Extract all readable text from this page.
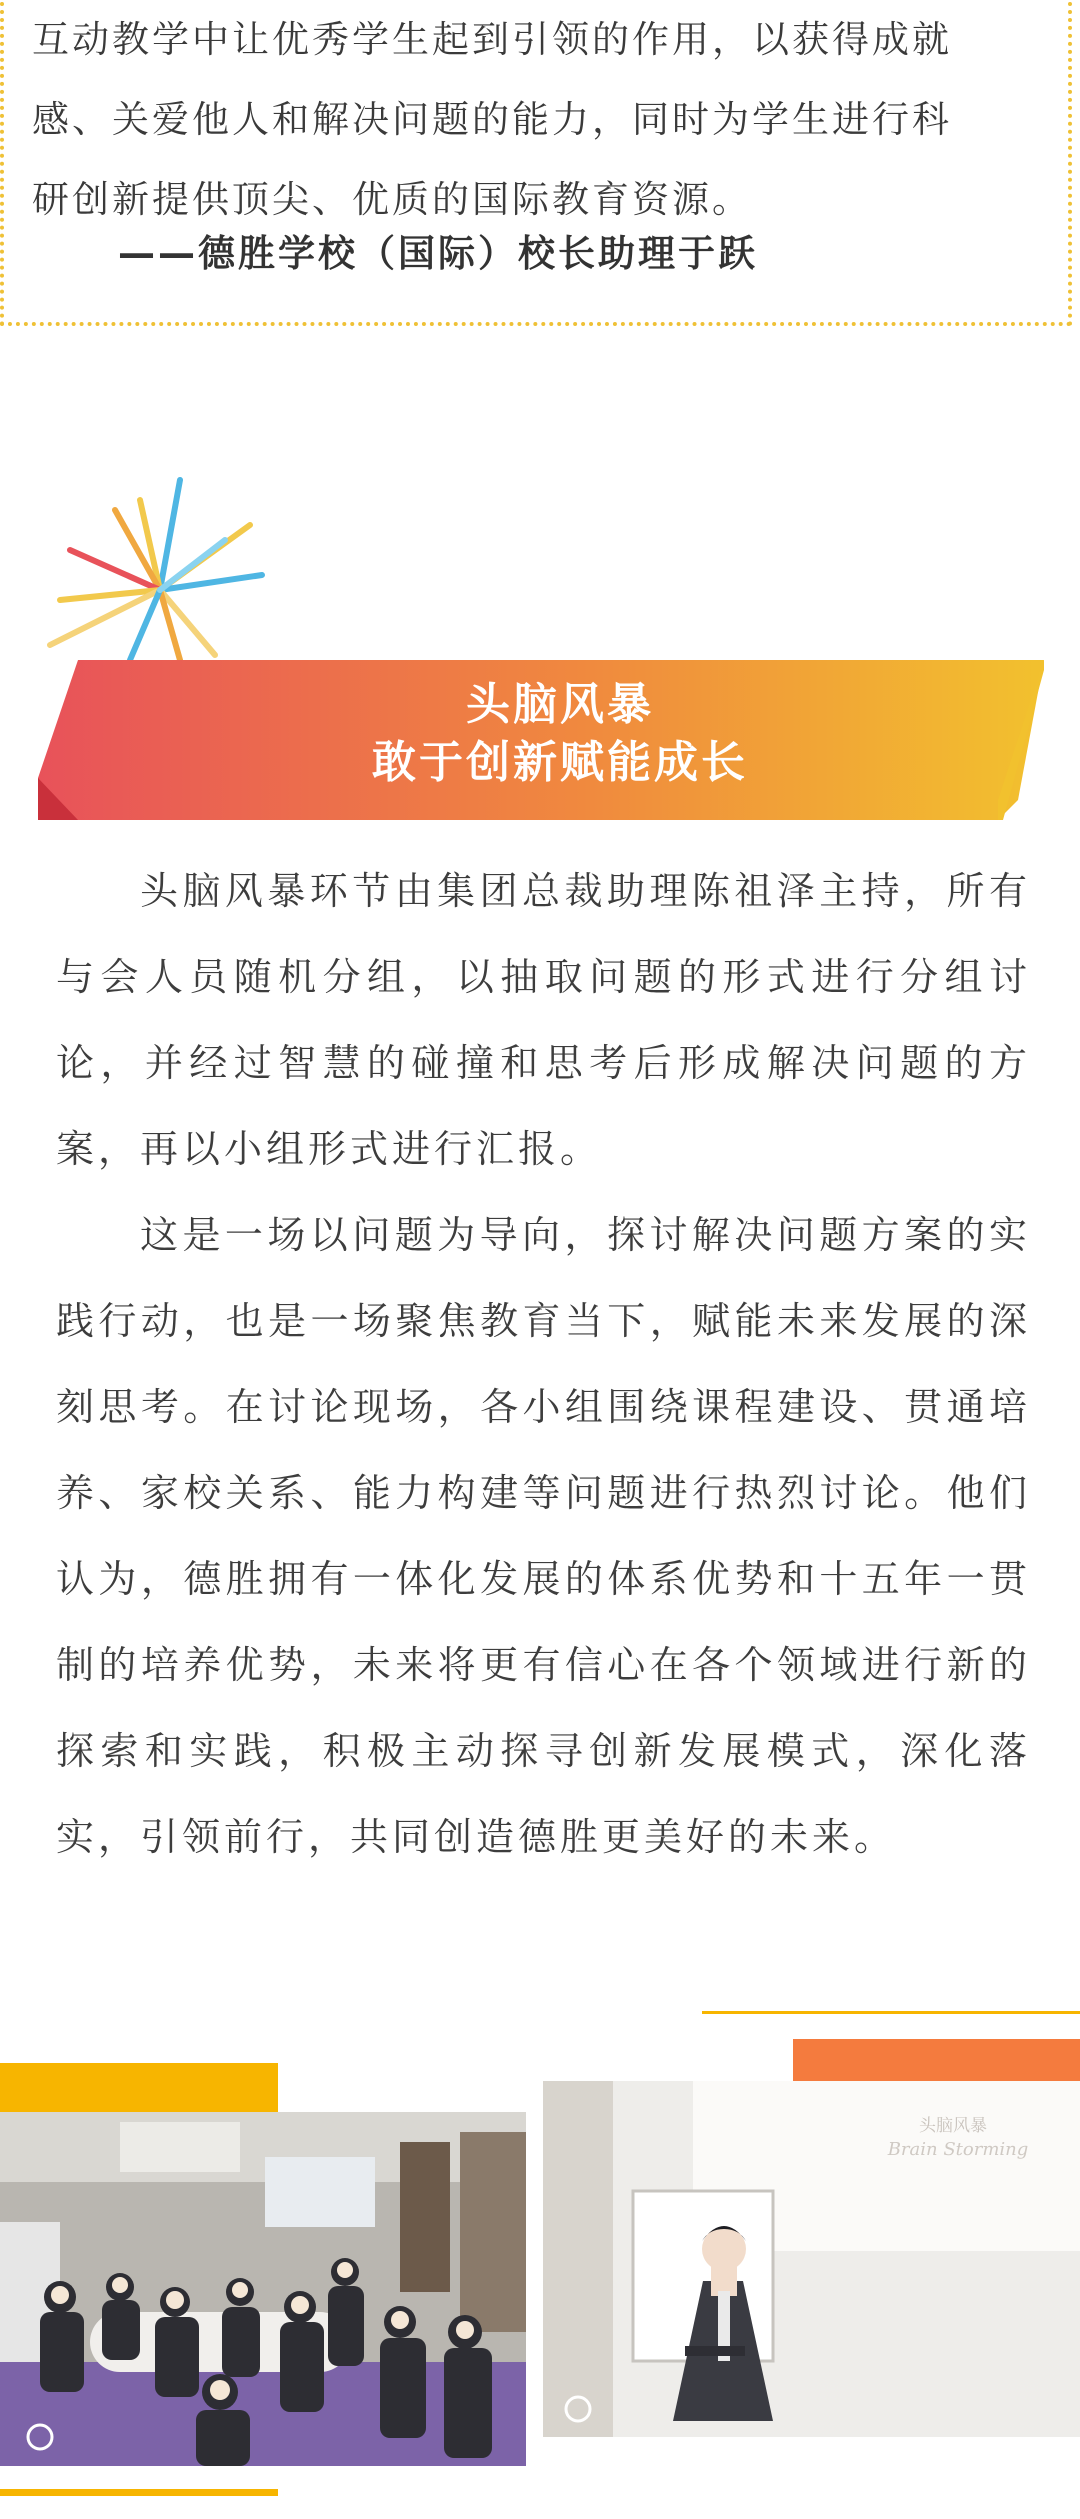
互动教学中让优秀学生起到引领的作用，以获得成就
感、关爱他人和解决问题的能力，同时为学生进行科
研创新提供顶尖、优质的国际教育资源。
——德胜学校（国际）校长助理于跃
头脑风暴
敢于创新赋能成长

头脑风暴环节由集团总裁助理陈祖泽主持，所有与会人员随机分组，以抽取问题的形式进行分组讨论，并经过智慧的碰撞和思考后形成解决问题的方案，再以小组形式进行汇报。

这是一场以问题为导向，探讨解决问题方案的实践行动，也是一场聚焦教育当下，赋能未来发展的深刻思考。在讨论现场，各小组围绕课程建设、贯通培养、家校关系、能力构建等问题进行热烈讨论。他们认为，德胜拥有一体化发展的体系优势和十五年一贯制的培养优势，未来将更有信心在各个领域进行新的探索和实践，积极主动探寻创新发展模式，深化落实，引领前行，共同创造德胜更美好的未来。

头脑风暴
Brain Storming
